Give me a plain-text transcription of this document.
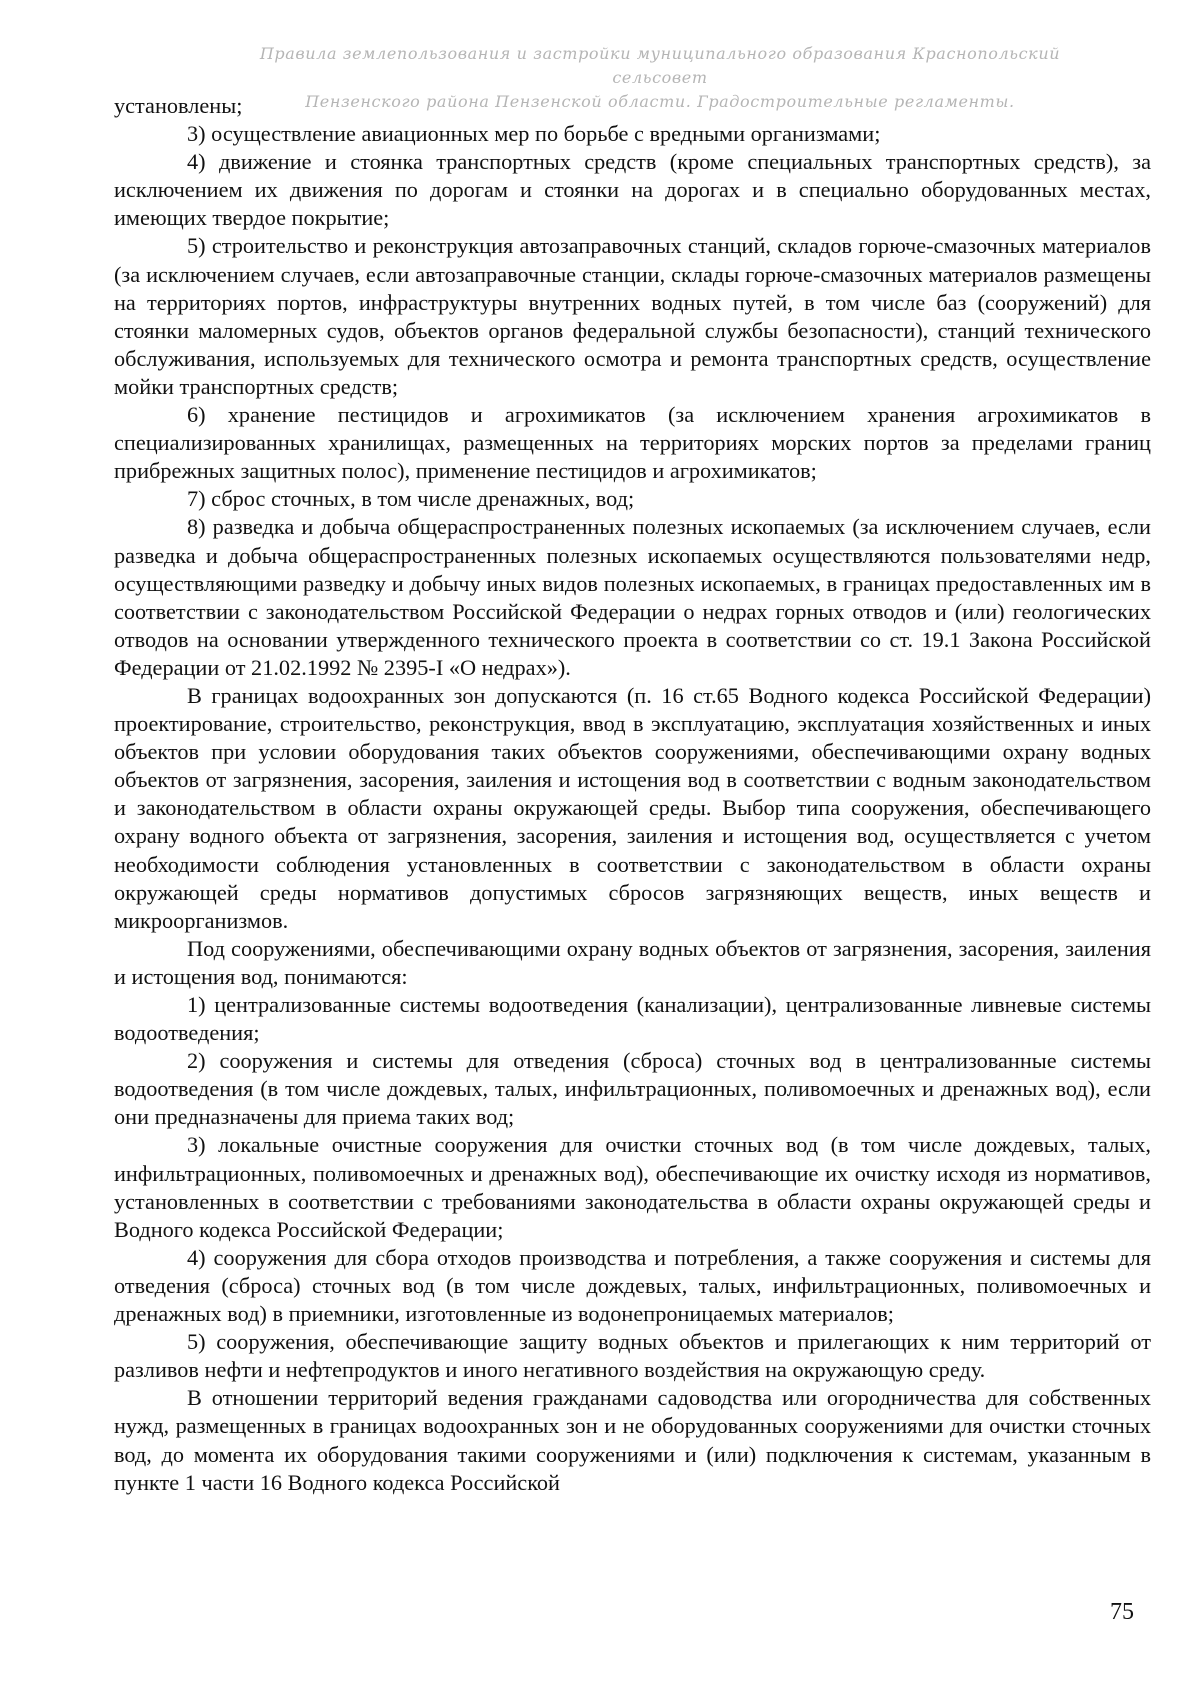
Правила землепользования и застройки муниципального образования Краснопольский сельсовет
Пензенского района Пензенской области. Градостроительные регламенты.

установлены;

3) осуществление авиационных мер по борьбе с вредными организмами;

4) движение и стоянка транспортных средств (кроме специальных транспортных средств), за исключением их движения по дорогам и стоянки на дорогах и в специально оборудованных местах, имеющих твердое покрытие;

5) строительство и реконструкция автозаправочных станций, складов горюче-смазочных материалов (за исключением случаев, если автозаправочные станции, склады горюче-смазочных материалов размещены на территориях портов, инфраструктуры внутренних водных путей, в том числе баз (сооружений) для стоянки маломерных судов, объектов органов федеральной службы безопасности), станций технического обслуживания, используемых для технического осмотра и ремонта транспортных средств, осуществление мойки транспортных средств;

6) хранение пестицидов и агрохимикатов (за исключением хранения агрохимикатов в специализированных хранилищах, размещенных на территориях морских портов за пределами границ прибрежных защитных полос), применение пестицидов и агрохимикатов;

7) сброс сточных, в том числе дренажных, вод;

8) разведка и добыча общераспространенных полезных ископаемых (за исключением случаев, если разведка и добыча общераспространенных полезных ископаемых осуществляются пользователями недр, осуществляющими разведку и добычу иных видов полезных ископаемых, в границах предоставленных им в соответствии с законодательством Российской Федерации о недрах горных отводов и (или) геологических отводов на основании утвержденного технического проекта в соответствии со ст. 19.1 Закона Российской Федерации от 21.02.1992 № 2395-I «О недрах»).

В границах водоохранных зон допускаются (п. 16 ст.65 Водного кодекса Российской Федерации) проектирование, строительство, реконструкция, ввод в эксплуатацию, эксплуатация хозяйственных и иных объектов при условии оборудования таких объектов сооружениями, обеспечивающими охрану водных объектов от загрязнения, засорения, заиления и истощения вод в соответствии с водным законодательством и законодательством в области охраны окружающей среды. Выбор типа сооружения, обеспечивающего охрану водного объекта от загрязнения, засорения, заиления и истощения вод, осуществляется с учетом необходимости соблюдения установленных в соответствии с законодательством в области охраны окружающей среды нормативов допустимых сбросов загрязняющих веществ, иных веществ и микроорганизмов.

Под сооружениями, обеспечивающими охрану водных объектов от загрязнения, засорения, заиления и истощения вод, понимаются:

1) централизованные системы водоотведения (канализации), централизованные ливневые системы водоотведения;

2) сооружения и системы для отведения (сброса) сточных вод в централизованные системы водоотведения (в том числе дождевых, талых, инфильтрационных, поливомоечных и дренажных вод), если они предназначены для приема таких вод;

3) локальные очистные сооружения для очистки сточных вод (в том числе дождевых, талых, инфильтрационных, поливомоечных и дренажных вод), обеспечивающие их очистку исходя из нормативов, установленных в соответствии с требованиями законодательства в области охраны окружающей среды и Водного кодекса Российской Федерации;

4) сооружения для сбора отходов производства и потребления, а также сооружения и системы для отведения (сброса) сточных вод (в том числе дождевых, талых, инфильтрационных, поливомоечных и дренажных вод) в приемники, изготовленные из водонепроницаемых материалов;

5) сооружения, обеспечивающие защиту водных объектов и прилегающих к ним территорий от разливов нефти и нефтепродуктов и иного негативного воздействия на окружающую среду.

В отношении территорий ведения гражданами садоводства или огородничества для собственных нужд, размещенных в границах водоохранных зон и не оборудованных сооружениями для очистки сточных вод, до момента их оборудования такими сооружениями и (или) подключения к системам, указанным в пункте 1 части 16 Водного кодекса Российской

75
